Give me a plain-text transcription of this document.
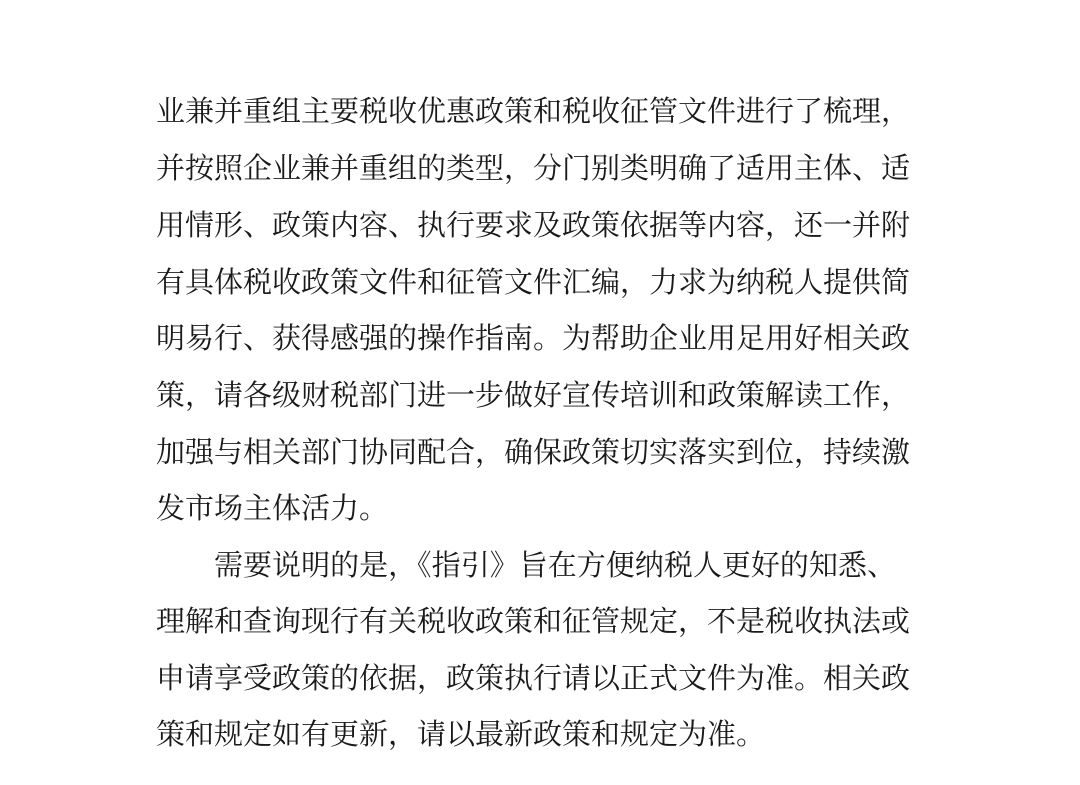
业兼并重组主要税收优惠政策和税收征管文件进行了梳理，
并按照企业兼并重组的类型，分门别类明确了适用主体、适
用情形、政策内容、执行要求及政策依据等内容，还一并附
有具体税收政策文件和征管文件汇编，力求为纳税人提供简
明易行、获得感强的操作指南。为帮助企业用足用好相关政
策，请各级财税部门进一步做好宣传培训和政策解读工作，
加强与相关部门协同配合，确保政策切实落实到位，持续激
发市场主体活力。
需要说明的是，《指引》旨在方便纳税人更好的知悉、
理解和查询现行有关税收政策和征管规定，不是税收执法或
申请享受政策的依据，政策执行请以正式文件为准。相关政
策和规定如有更新，请以最新政策和规定为准。
